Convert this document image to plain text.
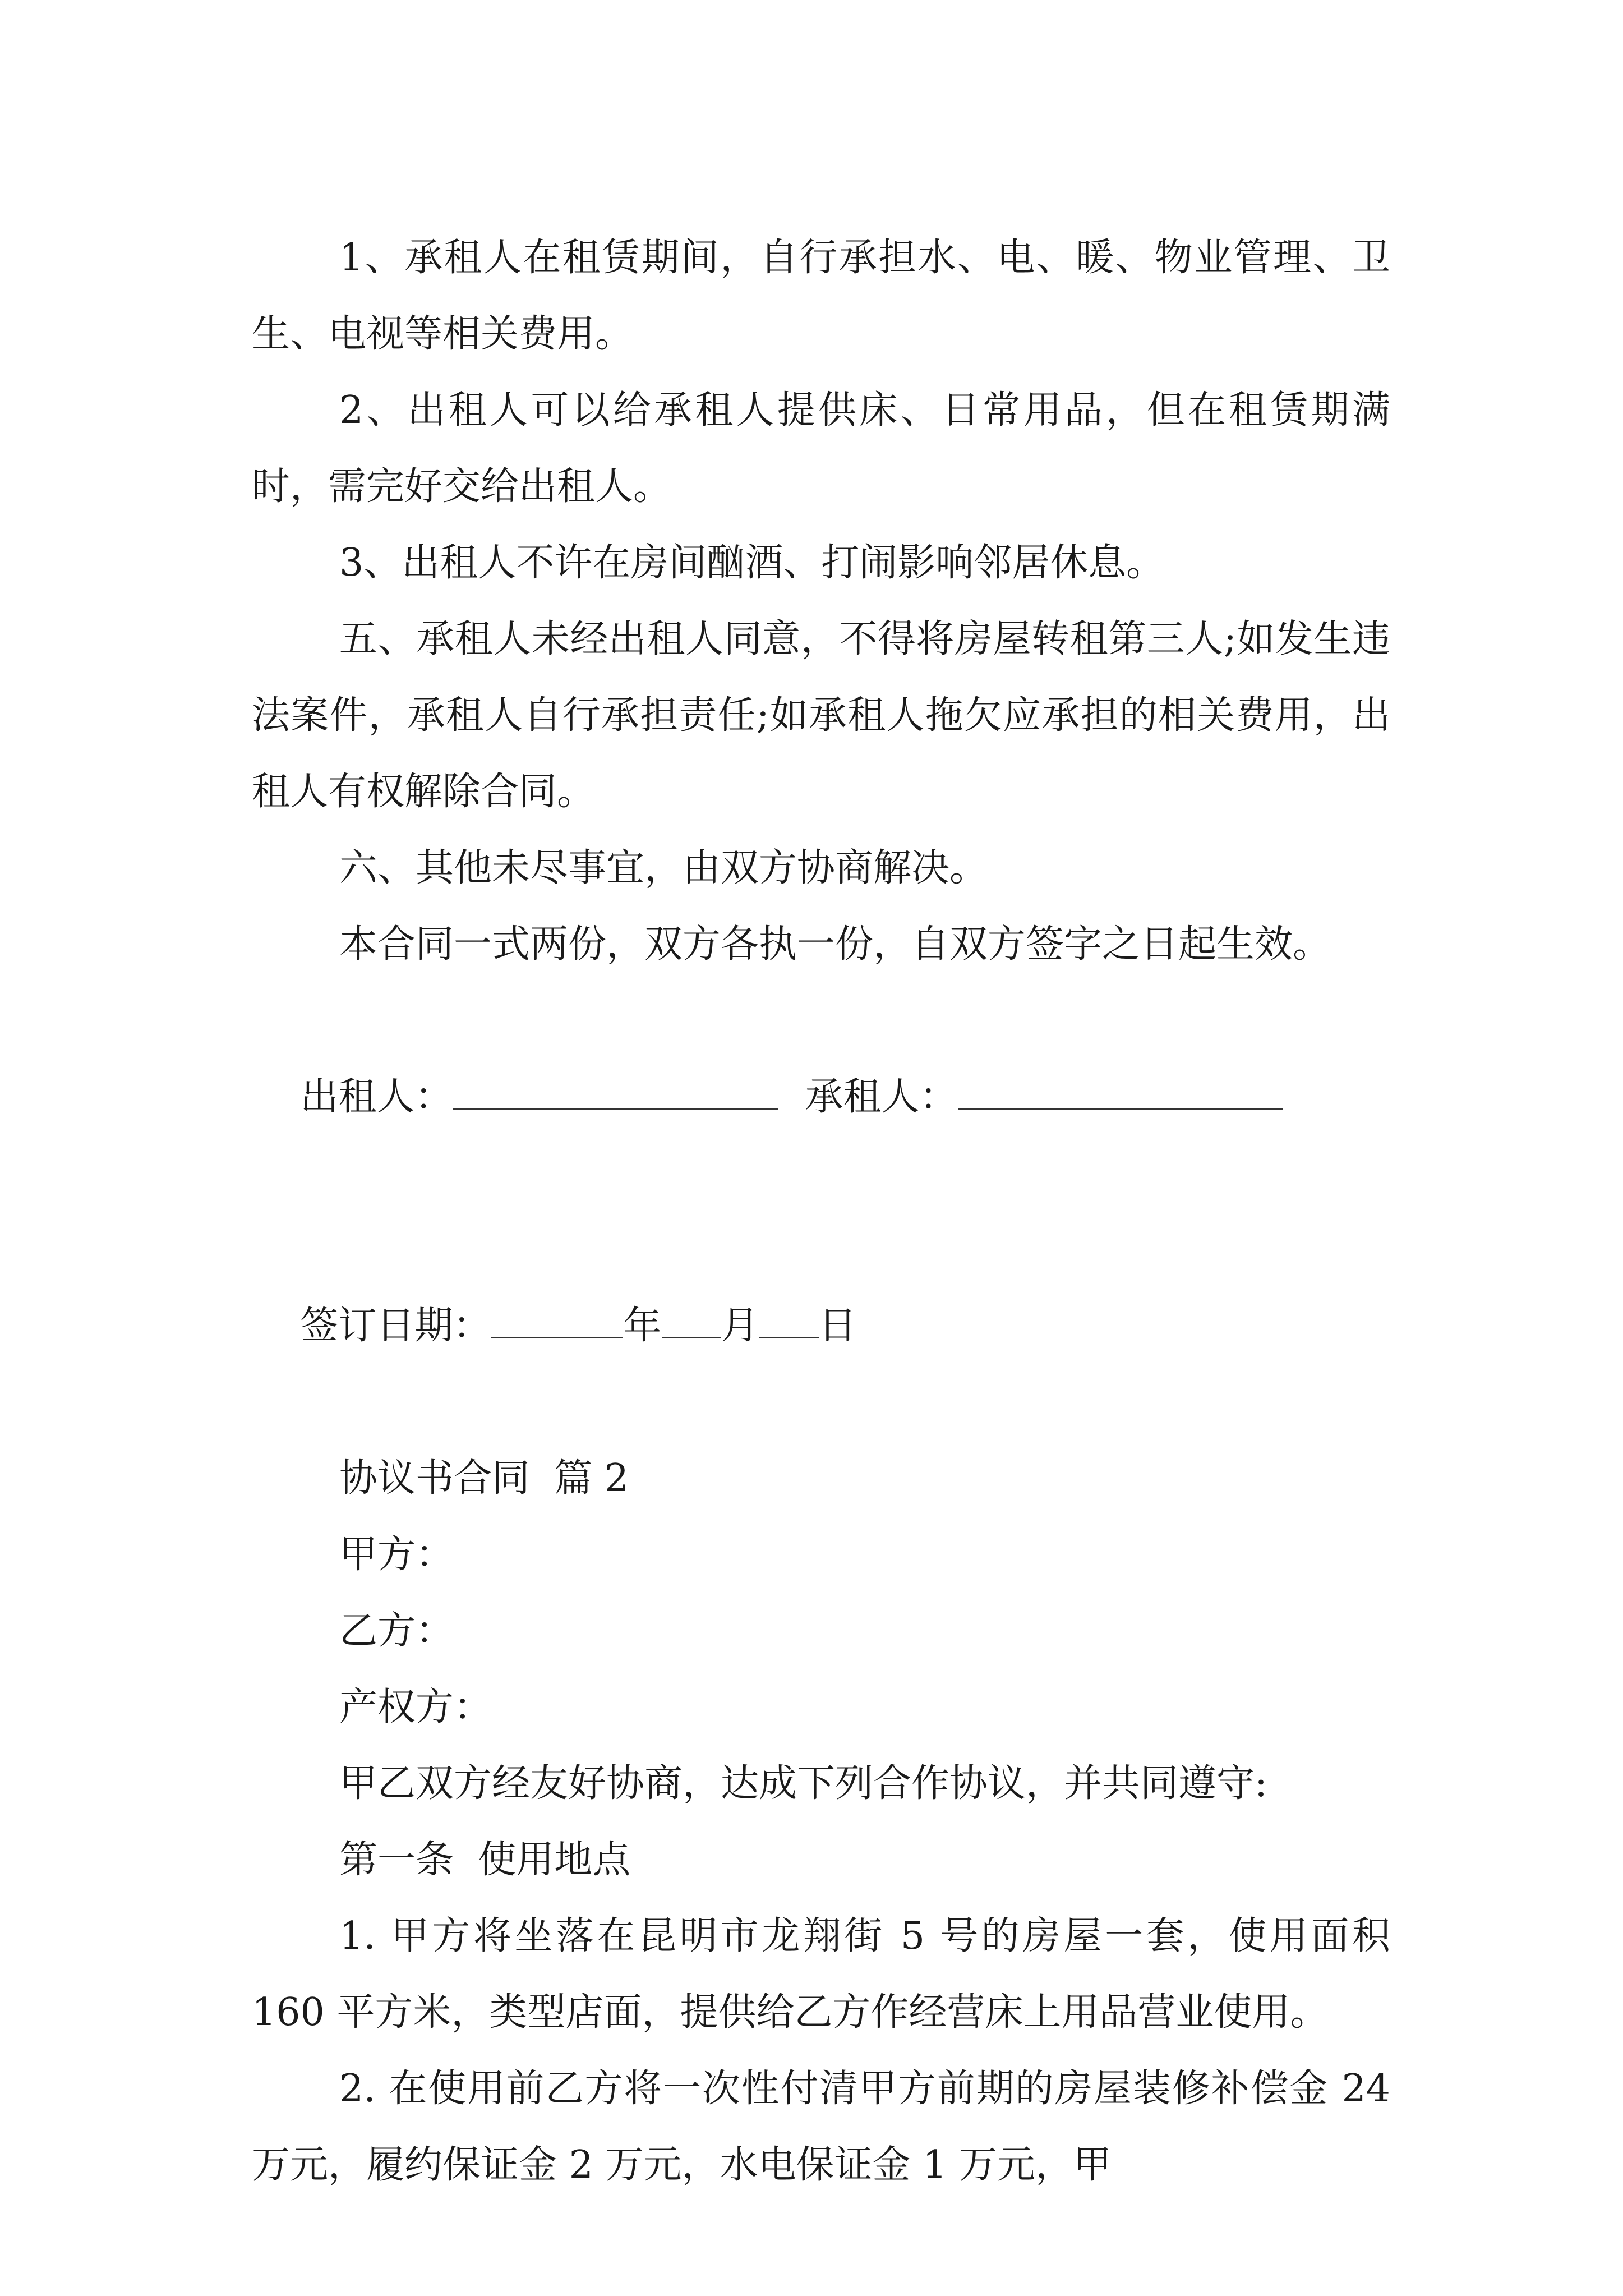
1、承租人在租赁期间，自行承担水、电、暖、物业管理、卫生、电视等相关费用。

2、出租人可以给承租人提供床、日常用品，但在租赁期满时，需完好交给出租人。

3、出租人不许在房间酗酒、打闹影响邻居休息。

五、承租人未经出租人同意，不得将房屋转租第三人;如发生违法案件，承租人自行承担责任;如承租人拖欠应承担的相关费用，出租人有权解除合同。

六、其他未尽事宜，由双方协商解决。

本合同一式两份，双方各执一份，自双方签字之日起生效。

出租人：	承租人：

签订日期：	年 月 日

协议书合同  篇 2

甲方：

乙方：

产权方：

甲乙双方经友好协商，达成下列合作协议，并共同遵守:

第一条  使用地点

1. 甲方将坐落在昆明市龙翔街 5 号的房屋一套，使用面积 160 平方米，类型店面，提供给乙方作经营床上用品营业使用。

2. 在使用前乙方将一次性付清甲方前期的房屋装修补偿金 24 万元，履约保证金 2 万元，水电保证金 1 万元，甲
